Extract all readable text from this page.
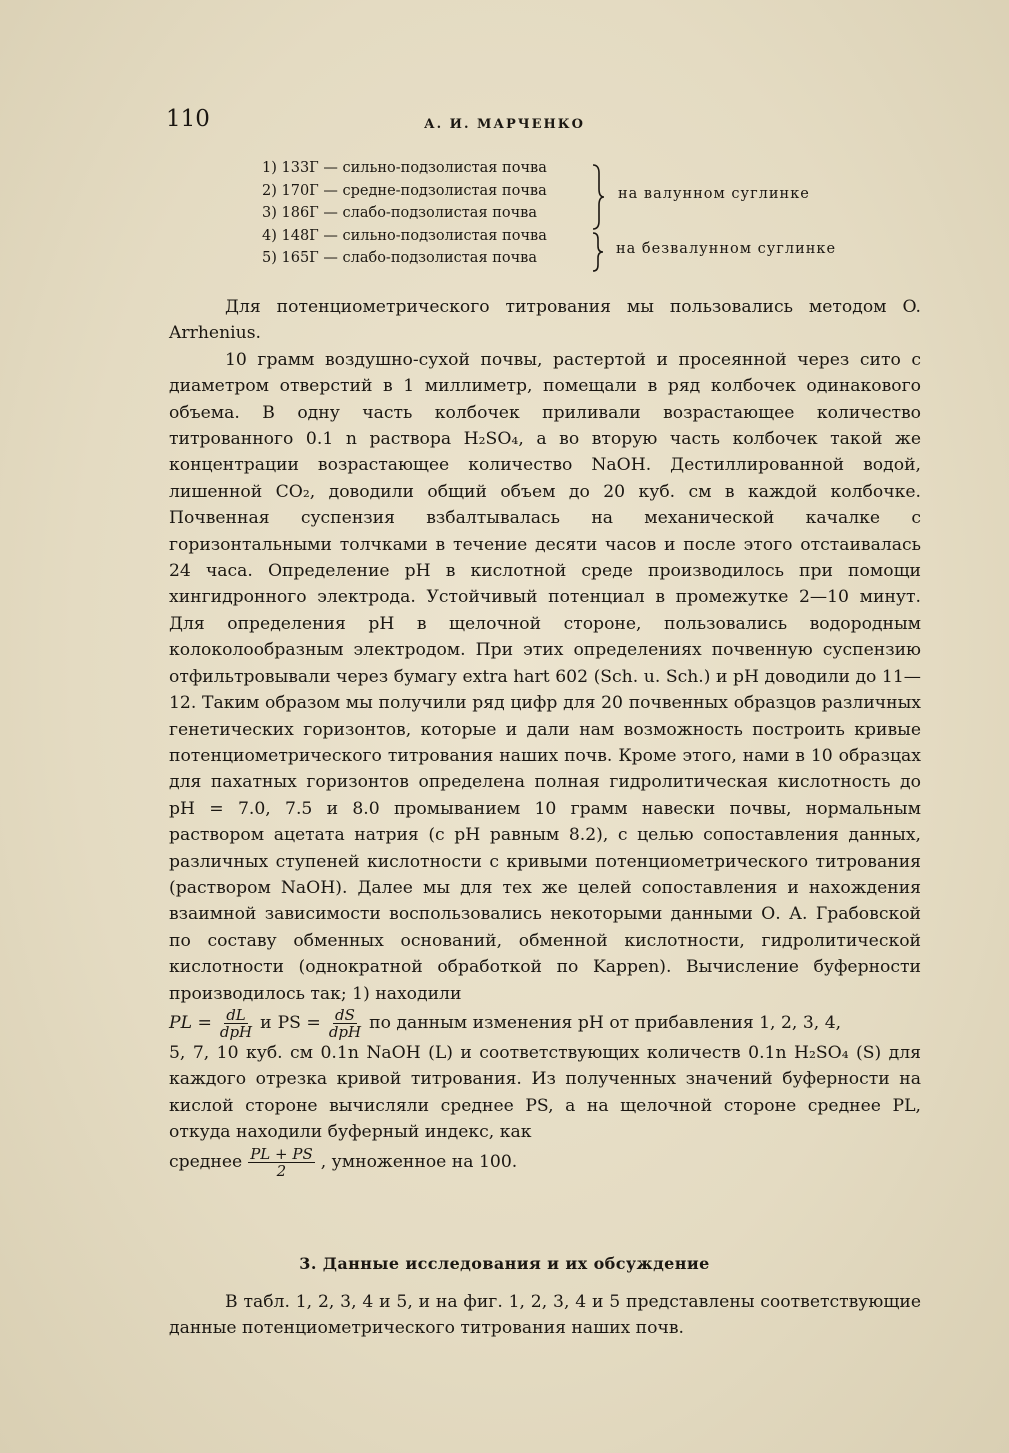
110	А. И. МАРЧЕНКО
1) 133Г — сильно-подзолистая почва
2) 170Г — средне-подзолистая почва
3) 186Г — слабо-подзолистая почва
4) 148Г — сильно-подзолистая почва
5) 165Г — слабо-подзолистая почва
на валунном суглинке
на безвалунном суглинке

Для потенциометрического титрования мы пользовались методом O. Arrhenius.

10 грамм воздушно-сухой почвы, растертой и просеянной через сито с диаметром отверстий в 1 миллиметр, помещали в ряд колбочек одинакового объема. В одну часть колбочек приливали возрастающее количество титрованного 0.1 n раствора H₂SO₄, а во вторую часть колбочек такой же концентрации возрастающее количество NaOH. Дестиллированной водой, лишенной CO₂, доводили общий объем до 20 куб. см в каждой колбочке. Почвенная суспензия взбалтывалась на механической качалке с горизонтальными толчками в течение десяти часов и после этого отстаивалась 24 часа. Определение pH в кислотной среде производилось при помощи хингидронного электрода. Устойчивый потенциал в промежутке 2—10 минут. Для определения pH в щелочной стороне, пользовались водородным колоколообразным электродом. При этих определениях почвенную суспензию отфильтровывали через бумагу extra hart 602 (Sch. u. Sch.) и pH доводили до 11—12. Таким образом мы получили ряд цифр для 20 почвенных образцов различных генетических горизонтов, которые и дали нам возможность построить кривые потенциометрического титрования наших почв. Кроме этого, нами в 10 образцах для пахатных горизонтов определена полная гидролитическая кислотность до pH = 7.0, 7.5 и 8.0 промыванием 10 грамм навески почвы, нормальным раствором ацетата натрия (с pH равным 8.2), с целью сопоставления данных, различных ступеней кислотности с кривыми потенциометрического титрования (раствором NaOH). Далее мы для тех же целей сопоставления и нахождения взаимной зависимости воспользовались некоторыми данными О. А. Грабовской по составу обменных оснований, обменной кислотности, гидролитической кислотности (однократной обработкой по Kappen). Вычисление буферности производилось так; 1) находили

PL = $\frac{dL}{\text{dpH}}$ и PS = $\frac{dS}{\text{dpH}}$ по данным изменения pH от прибавления 1, 2, 3, 4,

5, 7, 10 куб. см 0.1n NaOH (L) и соответствующих количеств 0.1n H₂SO₄ (S) для каждого отрезка кривой титрования. Из полученных значений буферности на кислой стороне вычисляли среднее PS, а на щелочной стороне среднее PL, откуда находили буферный индекс, как

среднее $\frac{PL + PS}{2}$ , умноженное на 100.
3. Данные исследования и их обсуждение

В табл. 1, 2, 3, 4 и 5, и на фиг. 1, 2, 3, 4 и 5 представлены соответствующие данные потенциометрического титрования наших почв.
